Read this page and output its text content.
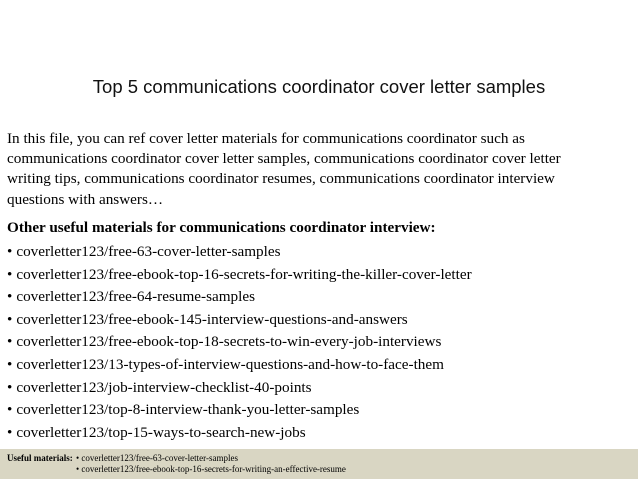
Top 5 communications coordinator cover letter samples
In this file, you can ref cover letter materials for communications coordinator such as
communications coordinator cover letter samples, communications coordinator cover letter
writing tips, communications coordinator resumes, communications coordinator interview
questions with answers…
Other useful materials for communications coordinator interview:
• coverletter123/free-63-cover-letter-samples
• coverletter123/free-ebook-top-16-secrets-for-writing-the-killer-cover-letter
• coverletter123/free-64-resume-samples
• coverletter123/free-ebook-145-interview-questions-and-answers
• coverletter123/free-ebook-top-18-secrets-to-win-every-job-interviews
• coverletter123/13-types-of-interview-questions-and-how-to-face-them
• coverletter123/job-interview-checklist-40-points
• coverletter123/top-8-interview-thank-you-letter-samples
• coverletter123/top-15-ways-to-search-new-jobs
Useful materials: • coverletter123/free-63-cover-letter-samples
• coverletter123/free-ebook-top-16-secrets-for-writing-an-effective-resume
